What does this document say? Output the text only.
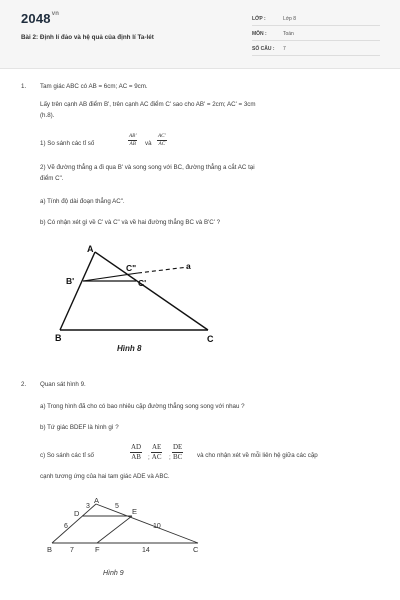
$2048^{vn}$
Bài 2: Định lí đảo và hệ quả của định lí Ta-lét
LỚP :	Lớp 8
MÔN :	Toán
SỐ CÂU : 7
1. Tam giác ABC có AB = 6cm; AC = 9cm.
Lấy trên cạnh AB điểm B', trên cạnh AC điểm C' sao cho AB' = 2cm; AC' = 3cm
(h.8).
1) So sánh các tỉ số	$\frac{AB'}{AB}$ và $\frac{AC'}{AC}$
2) Vẽ đường thẳng a đi qua B' và song song với BC, đường thẳng a cắt AC tại
điểm C".
a) Tính độ dài đoạn thẳng AC".
b) Có nhận xét gì về C' và C" và về hai đường thẳng BC và B'C' ?
A
B	C
B'	C'
C"	a
Hình 8
2. Quan sát hình 9.
a) Trong hình đã cho có bao nhiêu cặp đường thẳng song song với nhau ?
b) Tứ giác BDEF là hình gì ?
c) So sánh các tỉ số	$\frac{AD}{AB}$ ; $\frac{AE}{AC}$ ; $\frac{DE}{BC}$ và cho nhận xét về mỗi liên hệ giữa các cặp
cạnh tương ứng của hai tam giác ADE và ABC.
A
D	E
B	F	C
3	5
6	10
7	14
Hình 9
